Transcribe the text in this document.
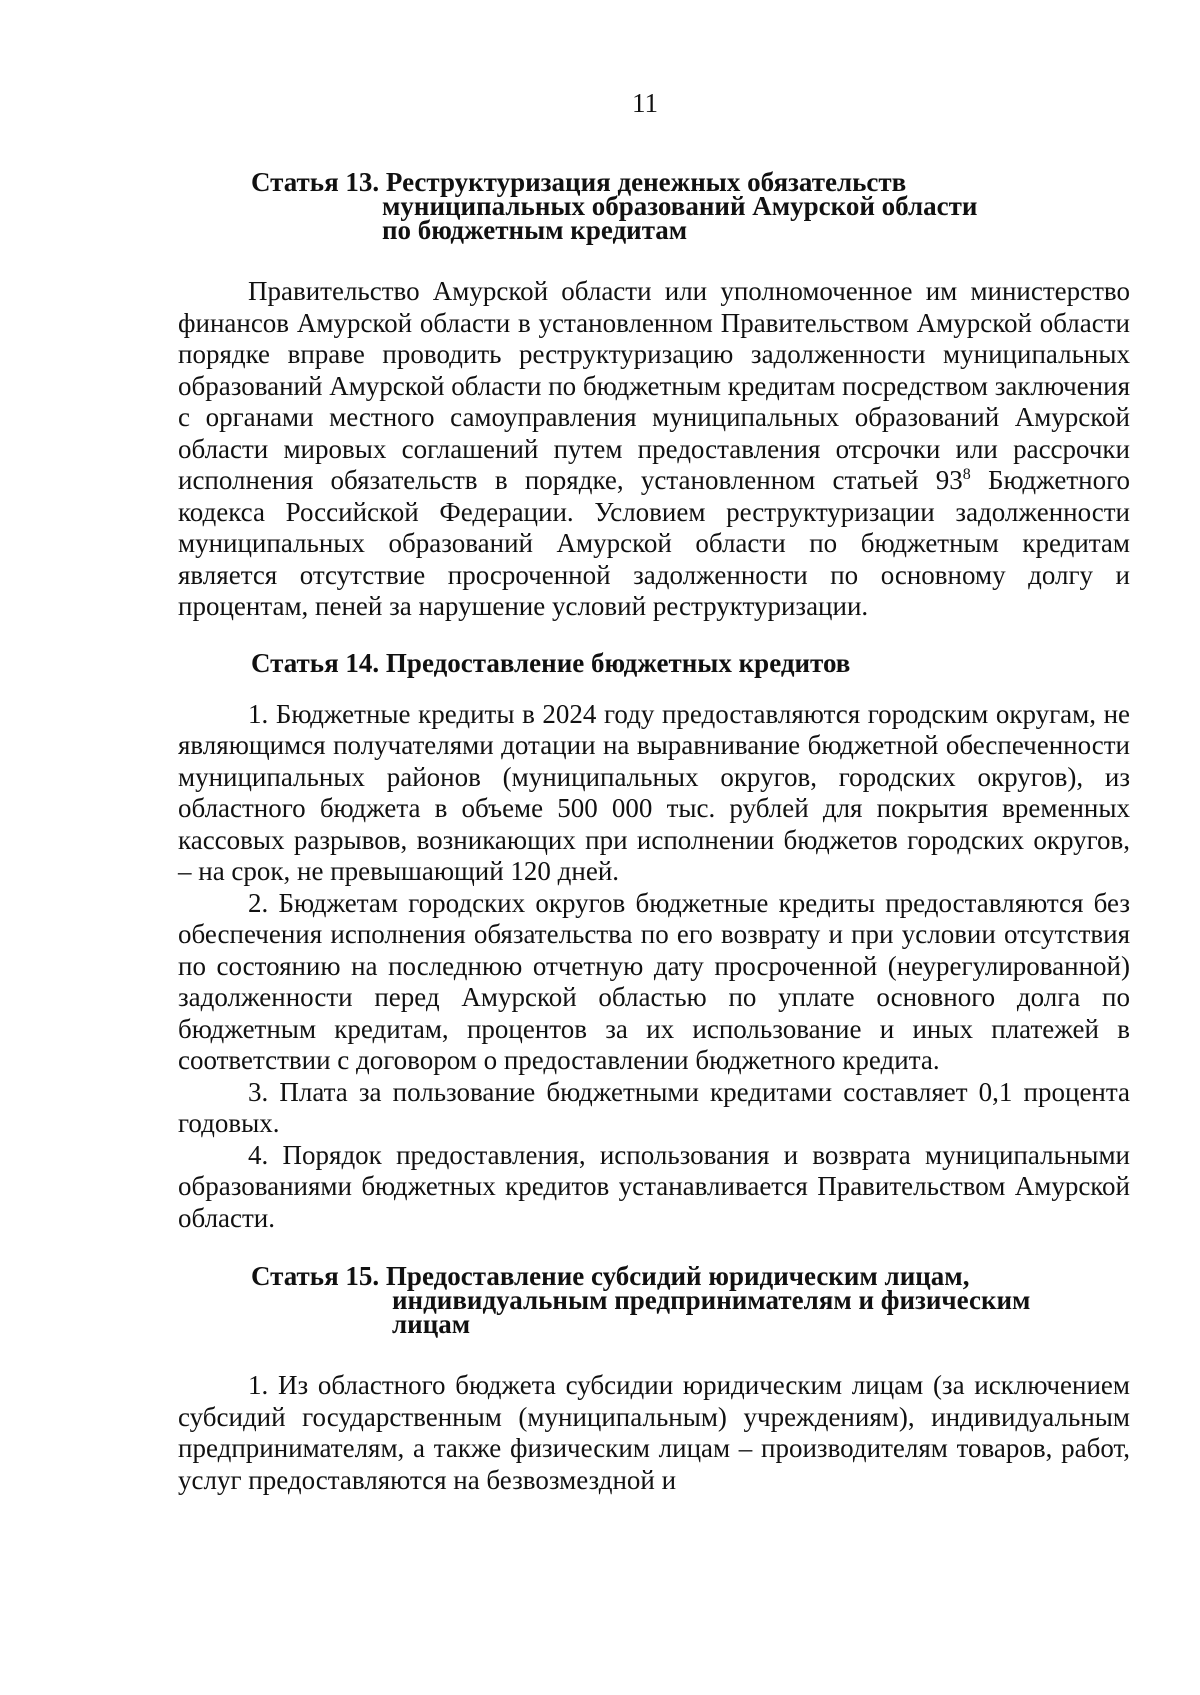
11
Статья 13. Реструктуризация денежных обязательств
муниципальных образований Амурской области
по бюджетным кредитам

Правительство Амурской области или уполномоченное им министерство финансов Амурской области в установленном Правительством Амурской области порядке вправе проводить реструктуризацию задолженности муниципальных образований Амурской области по бюджетным кредитам посредством заключения с органами местного самоуправления муниципальных образований Амурской области мировых соглашений путем предоставления отсрочки или рассрочки исполнения обязательств в порядке, установленном статьей $93^8$ Бюджетного кодекса Российской Федерации. Условием реструктуризации задолженности муниципальных образований Амурской области по бюджетным кредитам является отсутствие просроченной задолженности по основному долгу и процентам, пеней за нарушение условий реструктуризации.

Статья 14. Предоставление бюджетных кредитов

1. Бюджетные кредиты в 2024 году предоставляются городским округам, не являющимся получателями дотации на выравнивание бюджетной обеспеченности муниципальных районов (муниципальных округов, городских округов), из областного бюджета в объеме 500 000 тыс. рублей для покрытия временных кассовых разрывов, возникающих при исполнении бюджетов городских округов, – на срок, не превышающий 120 дней.

2. Бюджетам городских округов бюджетные кредиты предоставляются без обеспечения исполнения обязательства по его возврату и при условии отсутствия по состоянию на последнюю отчетную дату просроченной (неурегулированной) задолженности перед Амурской областью по уплате основного долга по бюджетным кредитам, процентов за их использование и иных платежей в соответствии с договором о предоставлении бюджетного кредита.

3. Плата за пользование бюджетными кредитами составляет 0,1 процента годовых.

4. Порядок предоставления, использования и возврата муниципальными образованиями бюджетных кредитов устанавливается Правительством Амурской области.

Статья 15. Предоставление субсидий юридическим лицам,
индивидуальным предпринимателям и физическим
лицам

1. Из областного бюджета субсидии юридическим лицам (за исключением субсидий государственным (муниципальным) учреждениям), индивидуальным предпринимателям, а также физическим лицам – производителям товаров, работ, услуг предоставляются на безвозмездной и
